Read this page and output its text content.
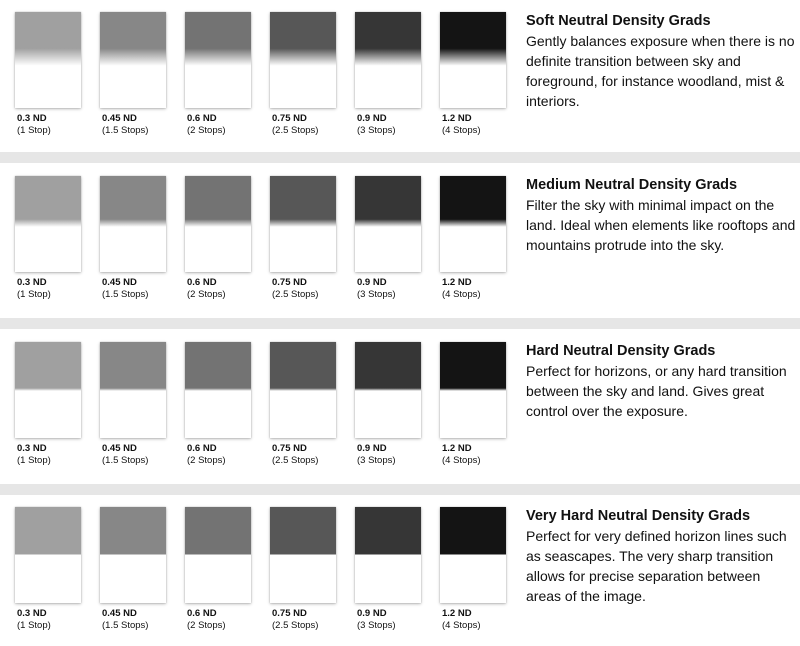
0.3 ND
(1 Stop)
0.45 ND
(1.5 Stops)
0.6 ND
(2 Stops)
0.75 ND
(2.5 Stops)
0.9 ND
(3 Stops)
1.2 ND
(4 Stops)
Soft Neutral Density Grads
Gently balances exposure when there is no definite transition between sky and foreground, for instance woodland, mist & interiors.
0.3 ND
(1 Stop)
0.45 ND
(1.5 Stops)
0.6 ND
(2 Stops)
0.75 ND
(2.5 Stops)
0.9 ND
(3 Stops)
1.2 ND
(4 Stops)
Medium Neutral Density Grads
Filter the sky with minimal impact on the land. Ideal when elements like rooftops and mountains protrude into the sky.
0.3 ND
(1 Stop)
0.45 ND
(1.5 Stops)
0.6 ND
(2 Stops)
0.75 ND
(2.5 Stops)
0.9 ND
(3 Stops)
1.2 ND
(4 Stops)
Hard Neutral Density Grads
Perfect for horizons, or any hard transition between the sky and land. Gives great control over the exposure.
0.3 ND
(1 Stop)
0.45 ND
(1.5 Stops)
0.6 ND
(2 Stops)
0.75 ND
(2.5 Stops)
0.9 ND
(3 Stops)
1.2 ND
(4 Stops)
Very Hard Neutral Density Grads
Perfect for very defined horizon lines such as seascapes. The very sharp transition allows for precise separation between areas of the image.
